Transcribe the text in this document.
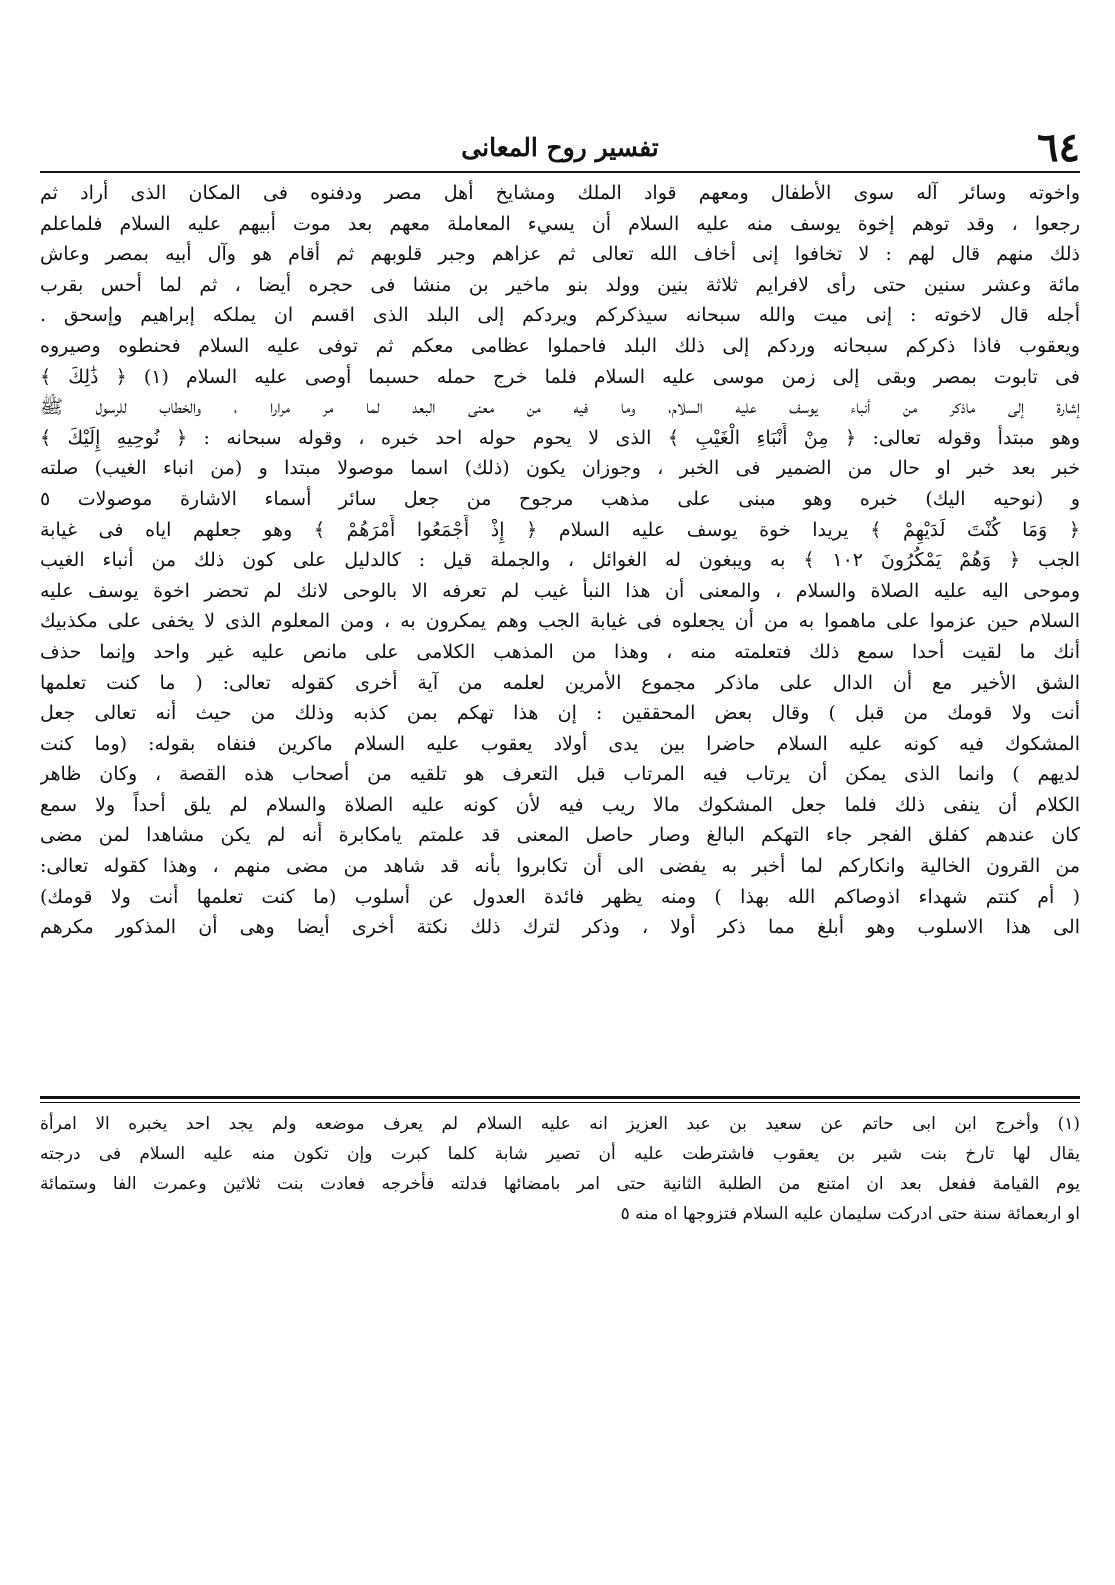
٦٤
تفسير روح المعانى
واخوته وسائر آله سوى الأطفال ومعهم قواد الملك ومشايخ أهل مصر ودفنوه فى المكان الذى أراد ثم
رجعوا ، وقد توهم إخوة يوسف منه عليه السلام أن يسيء المعاملة معهم بعد موت أبيهم عليه السلام فلماعلم
ذلك منهم قال لهم : لا تخافوا إنى أخاف الله تعالى ثم عزاهم وجبر قلوبهم ثم أقام هو وآل أبيه بمصر وعاش
مائة وعشر سنين حتى رأى لافرايم ثلاثة بنين وولد بنو ماخير بن منشا فى حجره أيضا ، ثم لما أحس بقرب
أجله قال لاخوته : إنى ميت والله سبحانه سيذكركم ويردكم إلى البلد الذى اقسم ان يملكه إبراهيم وإسحق .
ويعقوب فاذا ذكركم سبحانه وردكم إلى ذلك البلد فاحملوا عظامى معكم ثم توفى عليه السلام فحنطوه وصيروه
فى تابوت بمصر وبقى إلى زمن موسى عليه السلام فلما خرج حمله حسبما أوصى عليه السلام (١) ﴿ ذَٰلِكَ ﴾
إشارة إلى ماذكر من أنباء يوسف عليه السلام، وما فيه من معنى البعد لما مر مرارا ، والخطاب للرسول ﷺ
وهو مبتدأ وقوله تعالى: ﴿ مِنْ أَنْبَاءِ الْغَيْبِ ﴾ الذى لا يحوم حوله احد خبره ، وقوله سبحانه : ﴿ نُوحِيهِ إِلَيْكَ ﴾
خبر بعد خبر او حال من الضمير فى الخبر ، وجوزان يكون (ذلك) اسما موصولا مبتدا و (من انباء الغيب) صلته
و (نوحيه اليك) خبره وهو مبنى على مذهب مرجوح من جعل سائر أسماء الاشارة موصولات ٥
﴿ وَمَا كُنْتَ لَدَيْهِمْ ﴾ يريدا خوة يوسف عليه السلام ﴿ إِذْ أَجْمَعُوا أَمْرَهُمْ ﴾ وهو جعلهم اياه فى غيابة
الجب ﴿ وَهُمْ يَمْكُرُونَ ١٠٢ ﴾ به ويبغون له الغوائل ، والجملة قيل : كالدليل على كون ذلك من أنباء الغيب
وموحى اليه عليه الصلاة والسلام ، والمعنى أن هذا النبأ غيب لم تعرفه الا بالوحى لانك لم تحضر اخوة يوسف عليه
السلام حين عزموا على ماهموا به من أن يجعلوه فى غيابة الجب وهم يمكرون به ، ومن المعلوم الذى لا يخفى على مكذبيك
أنك ما لقيت أحدا سمع ذلك فتعلمته منه ، وهذا من المذهب الكلامى على مانص عليه غير واحد وإنما حذف
الشق الأخير مع أن الدال على ماذكر مجموع الأمرين لعلمه من آية أخرى كقوله تعالى: ( ما كنت تعلمها
أنت ولا قومك من قبل ) وقال بعض المحققين : إن هذا تهكم بمن كذبه وذلك من حيث أنه تعالى جعل
المشكوك فيه كونه عليه السلام حاضرا بين يدى أولاد يعقوب عليه السلام ماكرين فنفاه بقوله: (وما كنت
لديهم ) وانما الذى يمكن أن يرتاب فيه المرتاب قبل التعرف هو تلقيه من أصحاب هذه القصة ، وكان ظاهر
الكلام أن ينفى ذلك فلما جعل المشكوك مالا ريب فيه لأن كونه عليه الصلاة والسلام لم يلق أحداً ولا سمع
كان عندهم كفلق الفجر جاء التهكم البالغ وصار حاصل المعنى قد علمتم يامكابرة أنه لم يكن مشاهدا لمن مضى
من القرون الخالية وانكاركم لما أخبر به يفضى الى أن تكابروا بأنه قد شاهد من مضى منهم ، وهذا كقوله تعالى:
( أم كنتم شهداء اذوصاكم الله بهذا ) ومنه يظهر فائدة العدول عن أسلوب (ما كنت تعلمها أنت ولا قومك)
الى هذا الاسلوب وهو أبلغ مما ذكر أولا ، وذكر لترك ذلك نكتة أخرى أيضا وهى أن المذكور مكرهم
(١) وأخرج ابن ابى حاتم عن سعيد بن عبد العزيز انه عليه السلام لم يعرف موضعه ولم يجد احد يخبره الا امرأة
يقال لها تارخ بنت شير بن يعقوب فاشترطت عليه أن تصير شابة كلما كبرت وإن تكون منه عليه السلام فى درجته
يوم القيامة ففعل بعد ان امتنع من الطلبة الثانية حتى امر بامضائها فدلته فأخرجه فعادت بنت ثلاثين وعمرت الفا وستمائة
او اربعمائة سنة حتى ادركت سليمان عليه السلام فتزوجها اه منه ٥
